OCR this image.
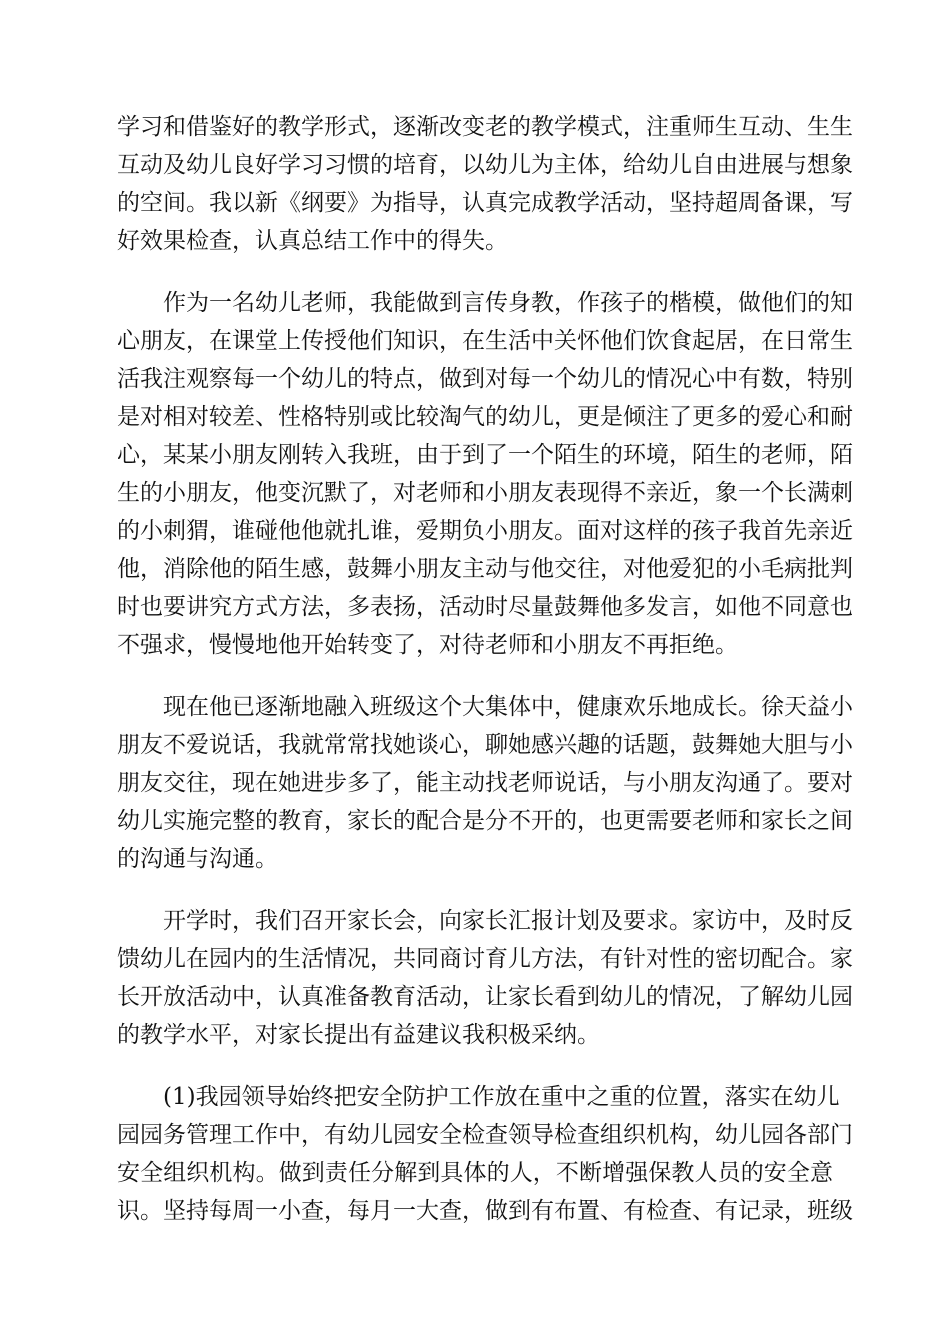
学习和借鉴好的教学形式，逐渐改变老的教学模式，注重师生互动、生生
互动及幼儿良好学习习惯的培育，以幼儿为主体，给幼儿自由进展与想象
的空间。我以新《纲要》为指导，认真完成教学活动，坚持超周备课，写
好效果检查，认真总结工作中的得失。
作为一名幼儿老师，我能做到言传身教，作孩子的楷模，做他们的知
心朋友，在课堂上传授他们知识，在生活中关怀他们饮食起居，在日常生
活我注观察每一个幼儿的特点，做到对每一个幼儿的情况心中有数，特别
是对相对较差、性格特别或比较淘气的幼儿，更是倾注了更多的爱心和耐
心，某某小朋友刚转入我班，由于到了一个陌生的环境，陌生的老师，陌
生的小朋友，他变沉默了，对老师和小朋友表现得不亲近，象一个长满刺
的小刺猬，谁碰他他就扎谁，爱期负小朋友。面对这样的孩子我首先亲近
他，消除他的陌生感，鼓舞小朋友主动与他交往，对他爱犯的小毛病批判
时也要讲究方式方法，多表扬，活动时尽量鼓舞他多发言，如他不同意也
不强求，慢慢地他开始转变了，对待老师和小朋友不再拒绝。
现在他已逐渐地融入班级这个大集体中，健康欢乐地成长。徐天益小
朋友不爱说话，我就常常找她谈心，聊她感兴趣的话题，鼓舞她大胆与小
朋友交往，现在她进步多了，能主动找老师说话，与小朋友沟通了。要对
幼儿实施完整的教育，家长的配合是分不开的，也更需要老师和家长之间
的沟通与沟通。
开学时，我们召开家长会，向家长汇报计划及要求。家访中，及时反
馈幼儿在园内的生活情况，共同商讨育儿方法，有针对性的密切配合。家
长开放活动中，认真准备教育活动，让家长看到幼儿的情况，了解幼儿园
的教学水平，对家长提出有益建议我积极采纳。
(1)我园领导始终把安全防护工作放在重中之重的位置，落实在幼儿
园园务管理工作中，有幼儿园安全检查领导检查组织机构，幼儿园各部门
安全组织机构。做到责任分解到具体的人，不断增强保教人员的安全意
识。坚持每周一小查，每月一大查，做到有布置、有检查、有记录，班级
